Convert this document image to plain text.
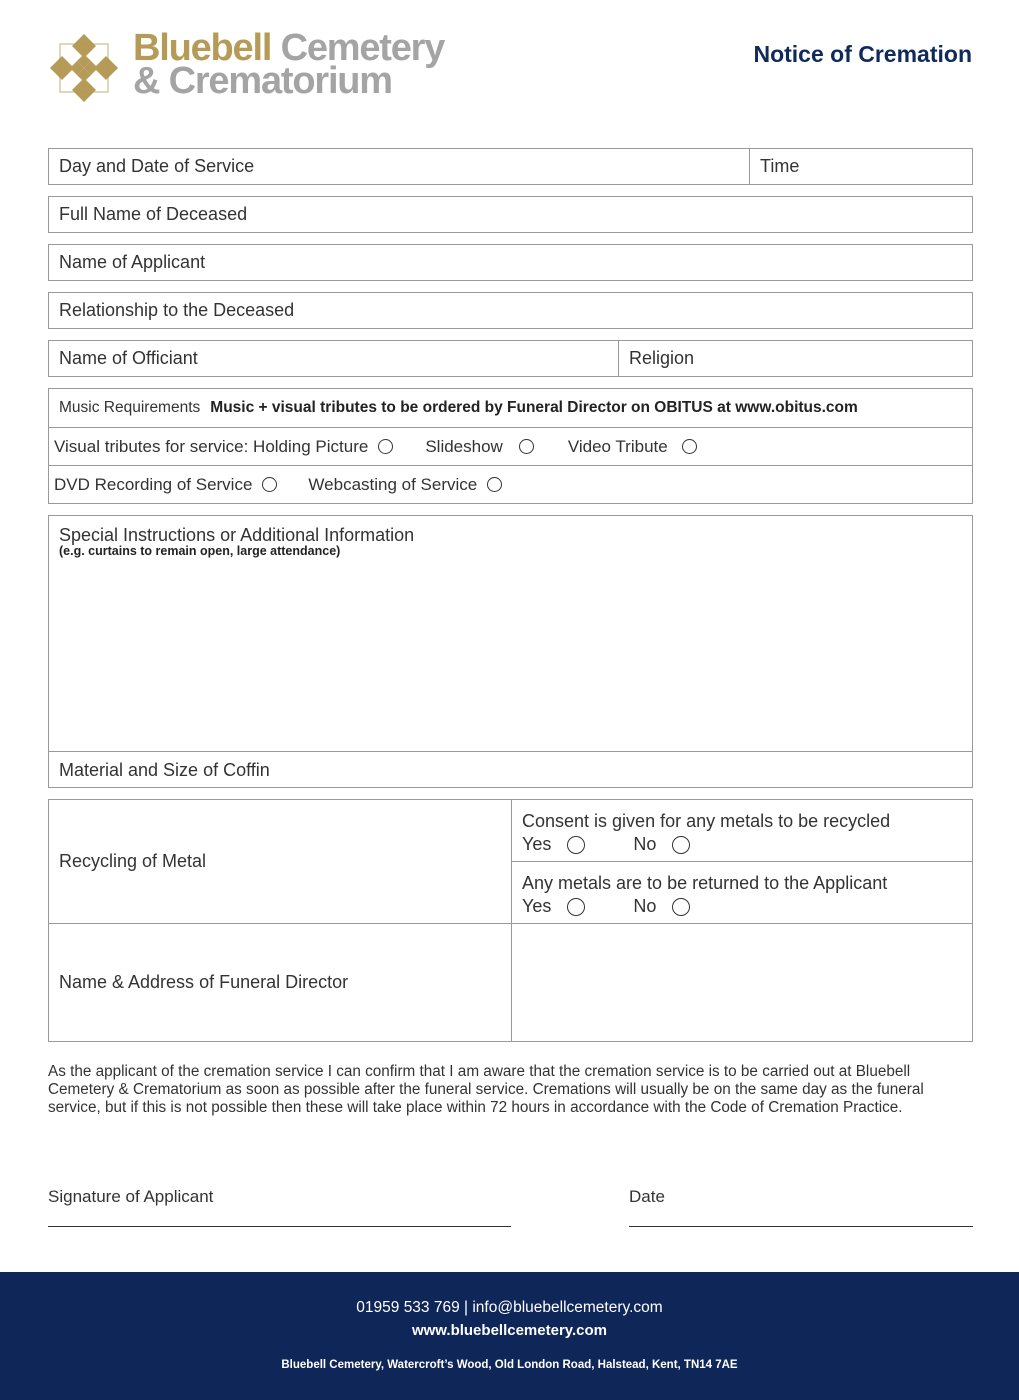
Bluebell Cemetery
& Crematorium
Notice of Cremation
Day and Date of Service	Time
Full Name of Deceased
Name of Applicant
Relationship to the Deceased
Name of Officiant	Religion
Music Requirements Music + visual tributes to be ordered by Funeral Director on OBITUS at www.obitus.com
Visual tributes for service: Holding Picture	Slideshow	Video Tribute
DVD Recording of Service	Webcasting of Service
Special Instructions or Additional Information
(e.g. curtains to remain open, large attendance)
Material and Size of Coffin
Recycling of Metal
Consent is given for any metals to be recycled
Yes	No
Any metals are to be returned to the Applicant
Yes	No
Name & Address of Funeral Director
As the applicant of the cremation service I can confirm that I am aware that the cremation service is to be carried out at Bluebell Cemetery & Crematorium as soon as possible after the funeral service. Cremations will usually be on the same day as the funeral service, but if this is not possible then these will take place within 72 hours in accordance with the Code of Cremation Practice.
Signature of Applicant	Date
01959 533 769 | info@bluebellcemetery.com
www.bluebellcemetery.com
Bluebell Cemetery, Watercroft’s Wood, Old London Road, Halstead, Kent, TN14 7AE
